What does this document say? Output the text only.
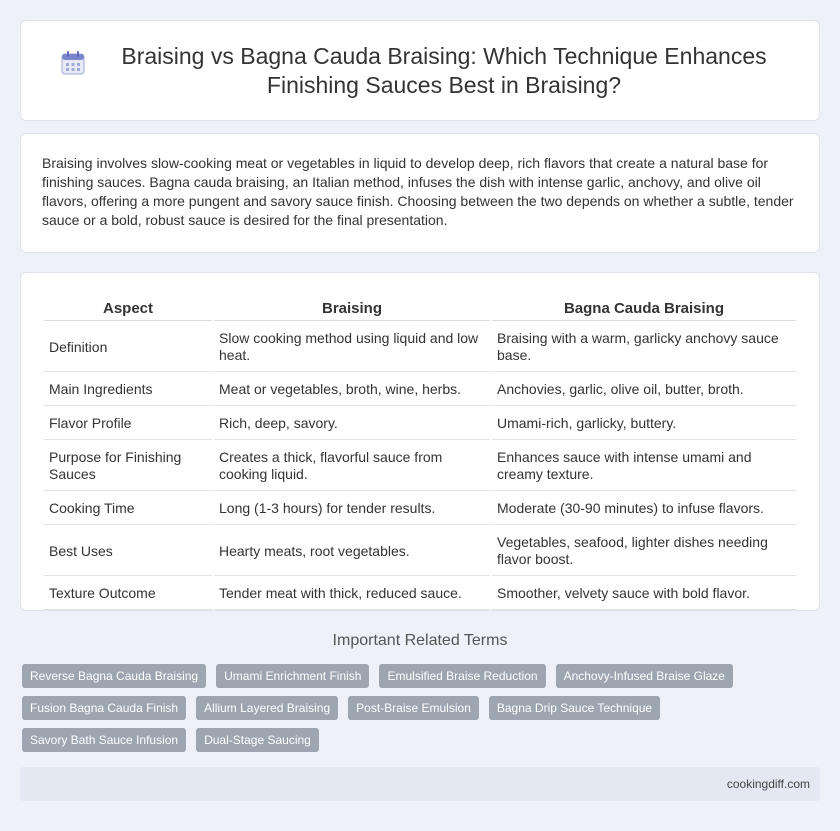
Braising vs Bagna Cauda Braising: Which Technique Enhances Finishing Sauces Best in Braising?

Braising involves slow-cooking meat or vegetables in liquid to develop deep, rich flavors that create a natural base for finishing sauces. Bagna cauda braising, an Italian method, infuses the dish with intense garlic, anchovy, and olive oil flavors, offering a more pungent and savory sauce finish. Choosing between the two depends on whether a subtle, tender sauce or a bold, robust sauce is desired for the final presentation.

Aspect	Braising	Bagna Cauda Braising
Definition	Slow cooking method using liquid and low heat.	Braising with a warm, garlicky anchovy sauce base.
Main Ingredients	Meat or vegetables, broth, wine, herbs.	Anchovies, garlic, olive oil, butter, broth.
Flavor Profile	Rich, deep, savory.	Umami-rich, garlicky, buttery.
Purpose for Finishing Sauces	Creates a thick, flavorful sauce from cooking liquid.	Enhances sauce with intense umami and creamy texture.
Cooking Time	Long (1-3 hours) for tender results.	Moderate (30-90 minutes) to infuse flavors.
Best Uses	Hearty meats, root vegetables.	Vegetables, seafood, lighter dishes needing flavor boost.
Texture Outcome	Tender meat with thick, reduced sauce.	Smoother, velvety sauce with bold flavor.
Important Related Terms
Reverse Bagna Cauda Braising	Umami Enrichment Finish	Emulsified Braise Reduction	Anchovy-Infused Braise Glaze
Fusion Bagna Cauda Finish	Allium Layered Braising	Post-Braise Emulsion	Bagna Drip Sauce Technique
Savory Bath Sauce Infusion	Dual-Stage Saucing
cookingdiff.com
